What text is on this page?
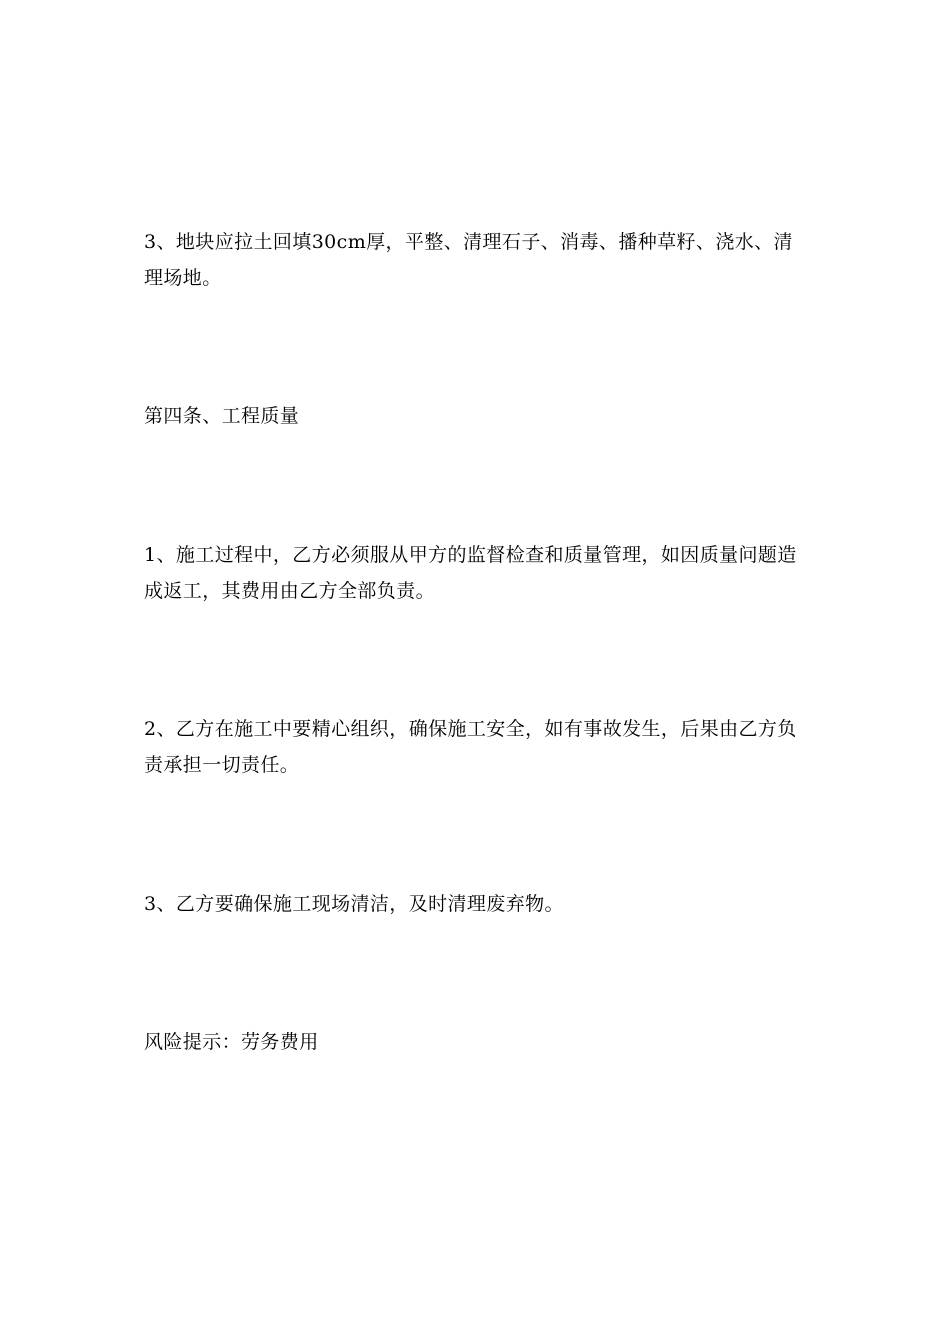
3、地块应拉土回填30cm厚，平整、清理石子、消毒、播种草籽、浇水、清理场地。

第四条、工程质量

1、施工过程中，乙方必须服从甲方的监督检查和质量管理，如因质量问题造成返工，其费用由乙方全部负责。

2、乙方在施工中要精心组织，确保施工安全，如有事故发生，后果由乙方负责承担一切责任。

3、乙方要确保施工现场清洁，及时清理废弃物。

风险提示：劳务费用
